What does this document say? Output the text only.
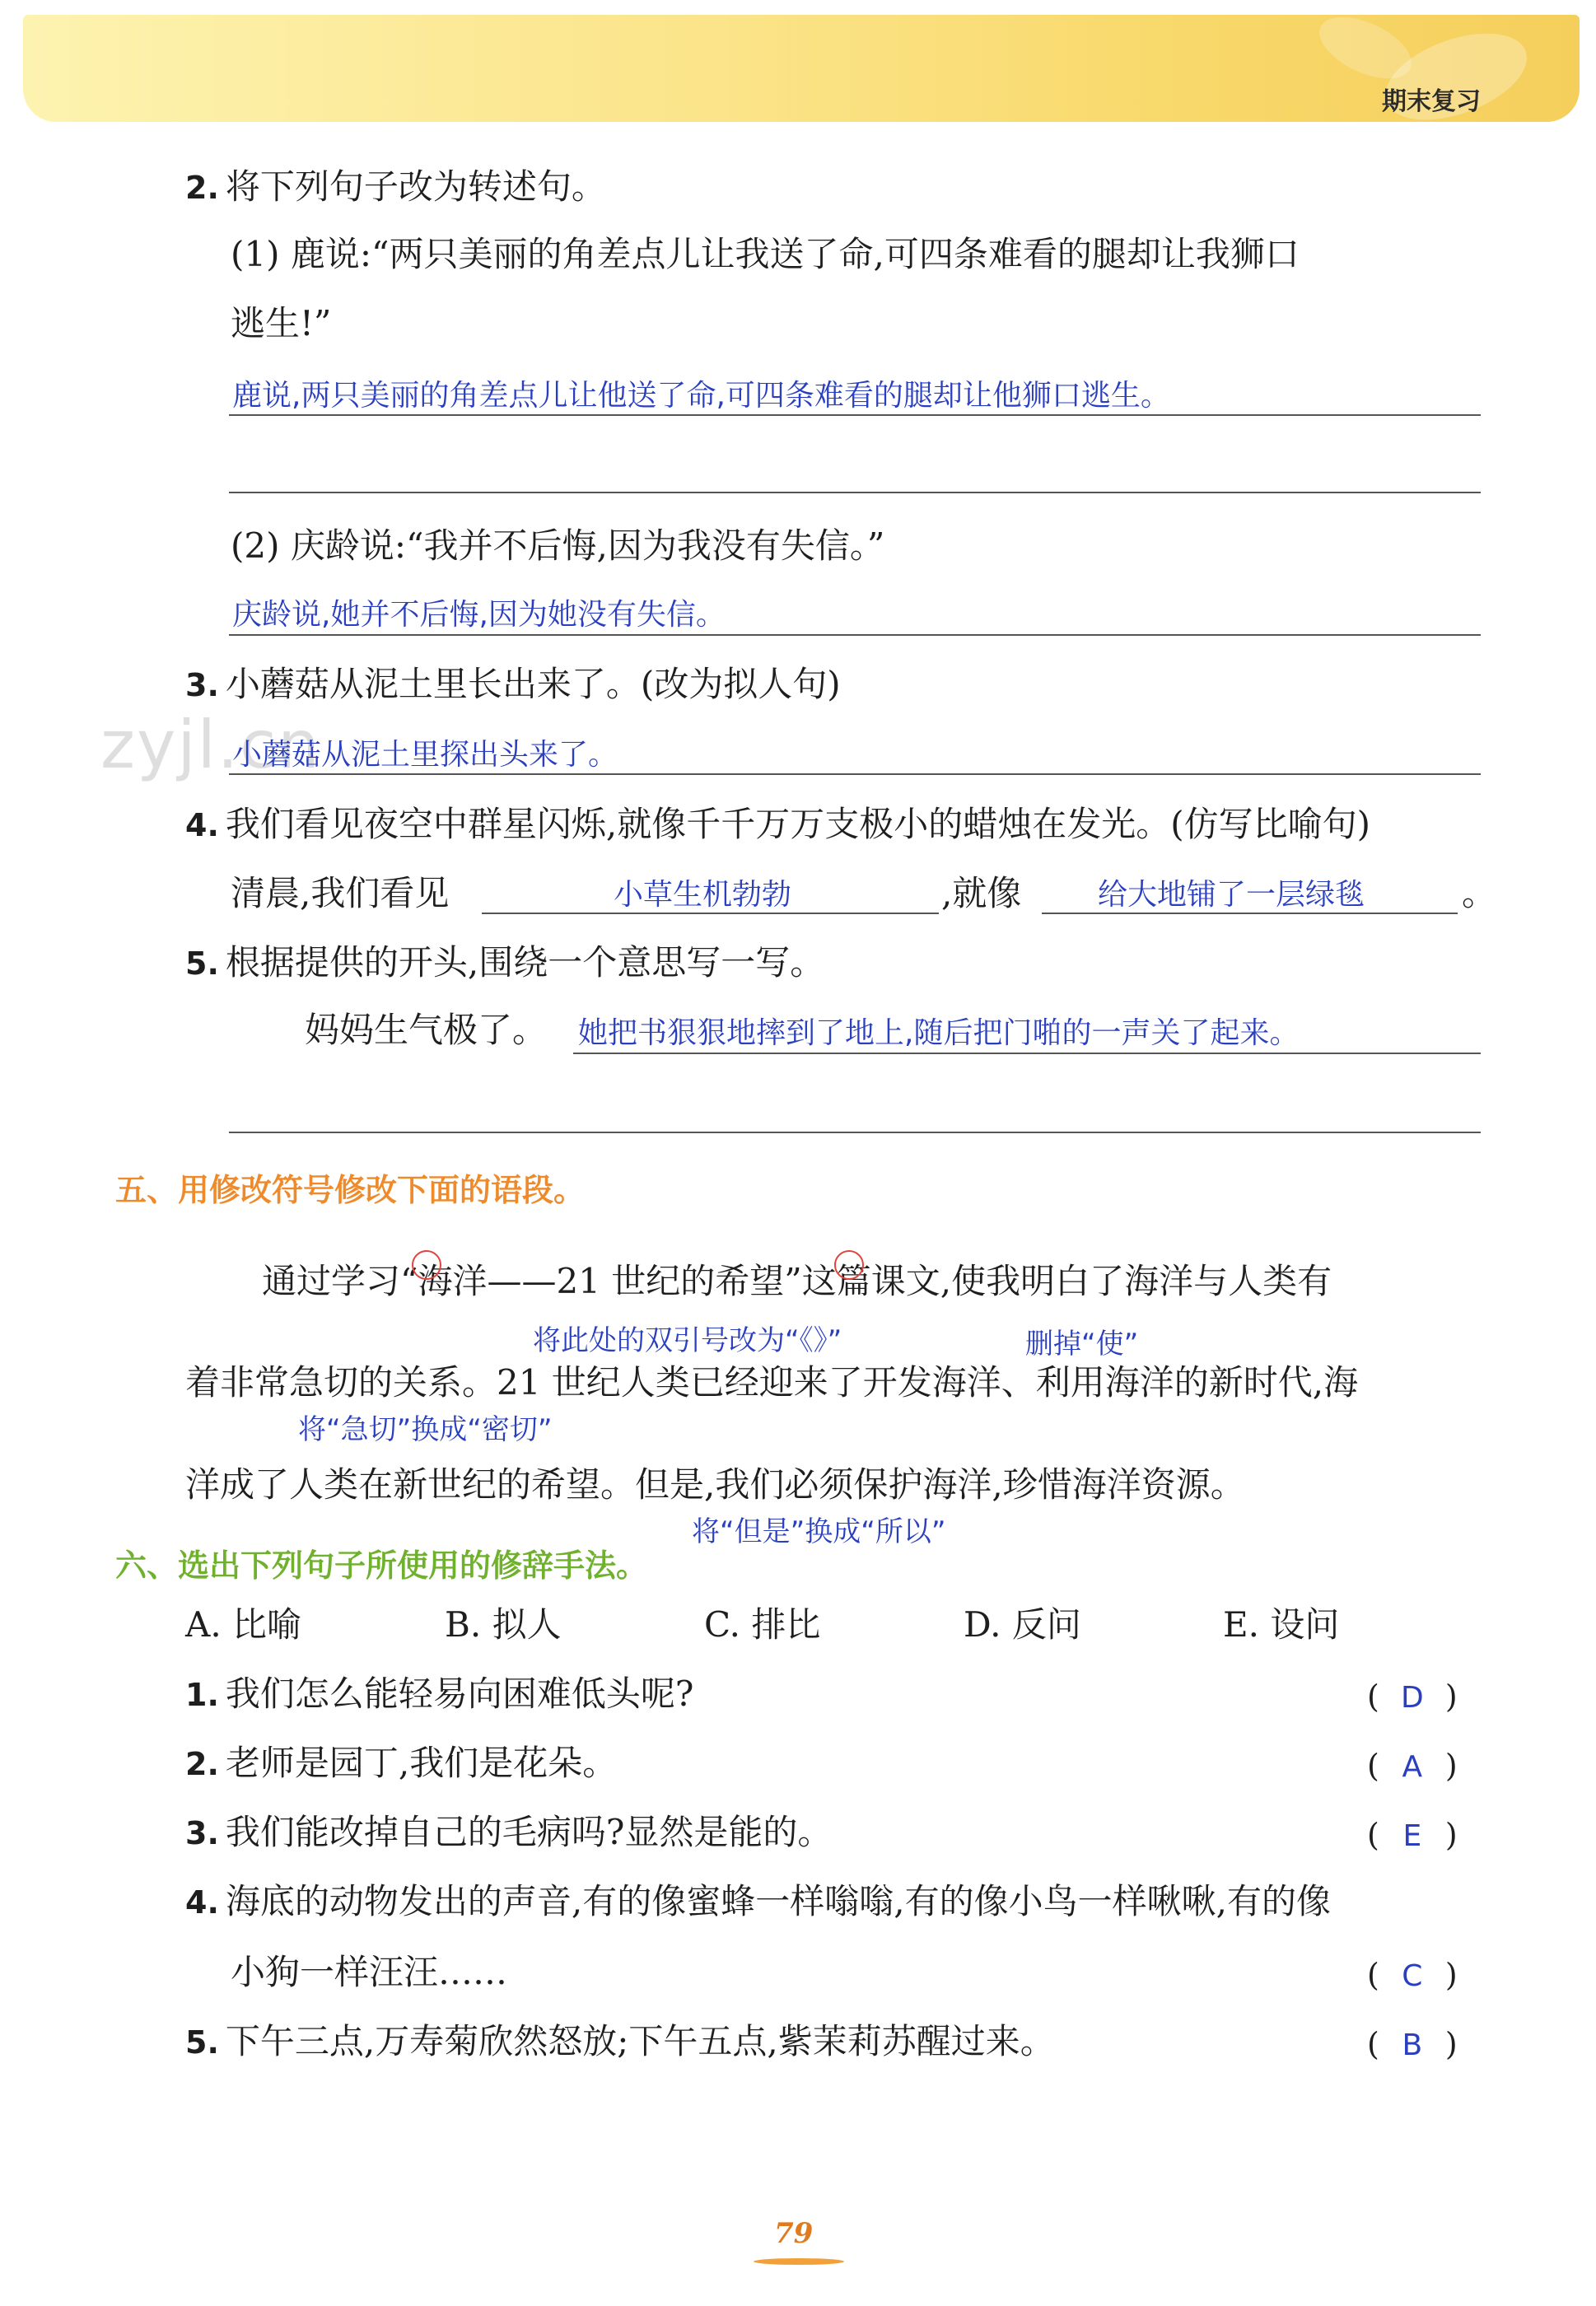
期末复习
zyjl.cn
2. 将下列句子改为转述句。
(1) 鹿说:“两只美丽的角差点儿让我送了命,可四条难看的腿却让我狮口
逃生!”
鹿说,两只美丽的角差点儿让他送了命,可四条难看的腿却让他狮口逃生。
(2) 庆龄说:“我并不后悔,因为我没有失信。”
庆龄说,她并不后悔,因为她没有失信。
3. 小蘑菇从泥土里长出来了。(改为拟人句)
小蘑菇从泥土里探出头来了。
4. 我们看见夜空中群星闪烁,就像千千万万支极小的蜡烛在发光。(仿写比喻句)
清晨,我们看见	小草生机勃勃	,就像	给大地铺了一层绿毯	。
5. 根据提供的开头,围绕一个意思写一写。
妈妈生气极了。 她把书狠狠地摔到了地上,随后把门啪的一声关了起来。
五、用修改符号修改下面的语段。
通过学习“海洋——21 世纪的希望”这篇课文,使我明白了海洋与人类有
将此处的双引号改为“《》”	删掉“使”
着非常急切的关系。21 世纪人类已经迎来了开发海洋、利用海洋的新时代,海
将“急切”换成“密切”
洋成了人类在新世纪的希望。但是,我们必须保护海洋,珍惜海洋资源。
将“但是”换成“所以”
六、选出下列句子所使用的修辞手法。
A. 比喻	B. 拟人	C. 排比	D. 反问	E. 设问
1. 我们怎么能轻易向困难低头呢?	( D )
2. 老师是园丁,我们是花朵。	( A )
3. 我们能改掉自己的毛病吗?显然是能的。	( E )
4. 海底的动物发出的声音,有的像蜜蜂一样嗡嗡,有的像小鸟一样啾啾,有的像
小狗一样汪汪……	( C )
5. 下午三点,万寿菊欣然怒放;下午五点,紫茉莉苏醒过来。	( B )
79
